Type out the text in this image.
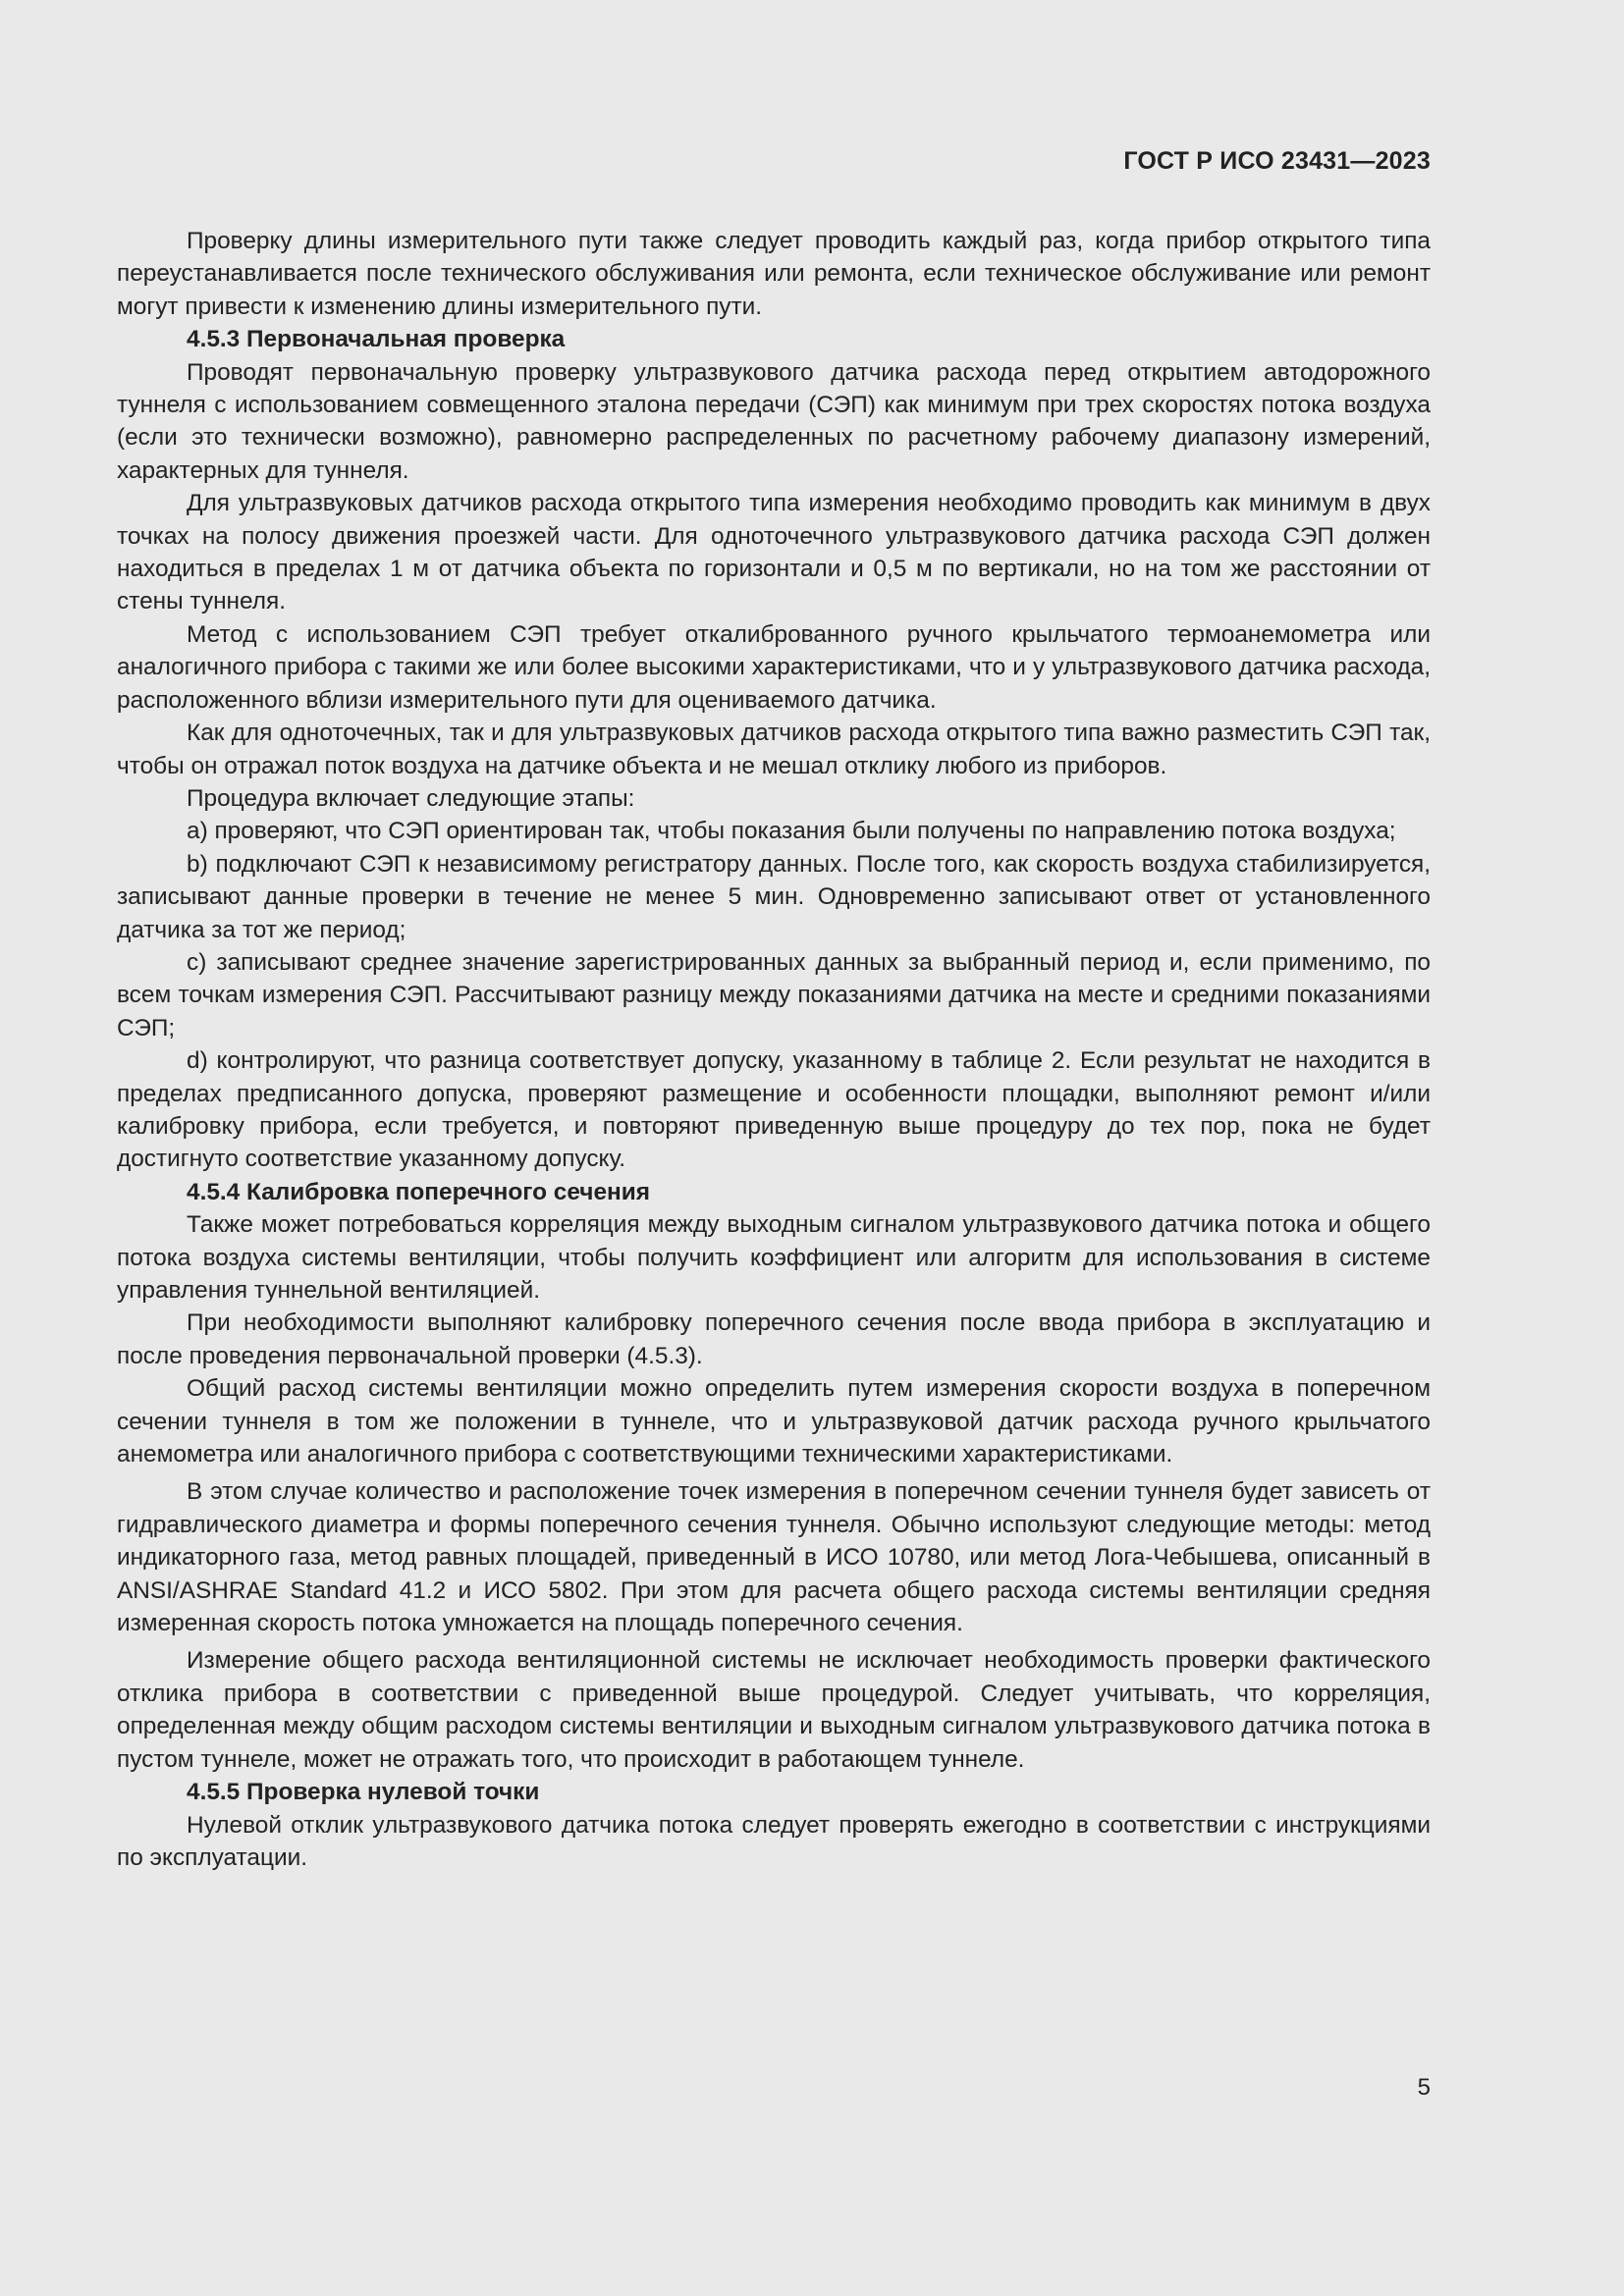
ГОСТ Р ИСО 23431—2023

Проверку длины измерительного пути также следует проводить каждый раз, когда прибор открытого типа переустанавливается после технического обслуживания или ремонта, если техническое обслуживание или ремонт могут привести к изменению длины измерительного пути.

4.5.3 Первоначальная проверка

Проводят первоначальную проверку ультразвукового датчика расхода перед открытием автодорожного туннеля с использованием совмещенного эталона передачи (СЭП) как минимум при трех скоростях потока воздуха (если это технически возможно), равномерно распределенных по расчетному рабочему диапазону измерений, характерных для туннеля.

Для ультразвуковых датчиков расхода открытого типа измерения необходимо проводить как минимум в двух точках на полосу движения проезжей части. Для одноточечного ультразвукового датчика расхода СЭП должен находиться в пределах 1 м от датчика объекта по горизонтали и 0,5 м по вертикали, но на том же расстоянии от стены туннеля.

Метод с использованием СЭП требует откалиброванного ручного крыльчатого термоанемометра или аналогичного прибора с такими же или более высокими характеристиками, что и у ультразвукового датчика расхода, расположенного вблизи измерительного пути для оцениваемого датчика.

Как для одноточечных, так и для ультразвуковых датчиков расхода открытого типа важно разместить СЭП так, чтобы он отражал поток воздуха на датчике объекта и не мешал отклику любого из приборов.

Процедура включает следующие этапы:

a) проверяют, что СЭП ориентирован так, чтобы показания были получены по направлению потока воздуха;

b) подключают СЭП к независимому регистратору данных. После того, как скорость воздуха стабилизируется, записывают данные проверки в течение не менее 5 мин. Одновременно записывают ответ от установленного датчика за тот же период;

c) записывают среднее значение зарегистрированных данных за выбранный период и, если применимо, по всем точкам измерения СЭП. Рассчитывают разницу между показаниями датчика на месте и средними показаниями СЭП;

d) контролируют, что разница соответствует допуску, указанному в таблице 2. Если результат не находится в пределах предписанного допуска, проверяют размещение и особенности площадки, выполняют ремонт и/или калибровку прибора, если требуется, и повторяют приведенную выше процедуру до тех пор, пока не будет достигнуто соответствие указанному допуску.

4.5.4 Калибровка поперечного сечения

Также может потребоваться корреляция между выходным сигналом ультразвукового датчика потока и общего потока воздуха системы вентиляции, чтобы получить коэффициент или алгоритм для использования в системе управления туннельной вентиляцией.

При необходимости выполняют калибровку поперечного сечения после ввода прибора в эксплуатацию и после проведения первоначальной проверки (4.5.3).

Общий расход системы вентиляции можно определить путем измерения скорости воздуха в поперечном сечении туннеля в том же положении в туннеле, что и ультразвуковой датчик расхода ручного крыльчатого анемометра или аналогичного прибора с соответствующими техническими характеристиками.

В этом случае количество и расположение точек измерения в поперечном сечении туннеля будет зависеть от гидравлического диаметра и формы поперечного сечения туннеля. Обычно используют следующие методы: метод индикаторного газа, метод равных площадей, приведенный в ИСО 10780, или метод Лога-Чебышева, описанный в ANSI/ASHRAE Standard 41.2 и ИСО 5802. При этом для расчета общего расхода системы вентиляции средняя измеренная скорость потока умножается на площадь поперечного сечения.

Измерение общего расхода вентиляционной системы не исключает необходимость проверки фактического отклика прибора в соответствии с приведенной выше процедурой. Следует учитывать, что корреляция, определенная между общим расходом системы вентиляции и выходным сигналом ультразвукового датчика потока в пустом туннеле, может не отражать того, что происходит в работающем туннеле.

4.5.5 Проверка нулевой точки

Нулевой отклик ультразвукового датчика потока следует проверять ежегодно в соответствии с инструкциями по эксплуатации.

5
